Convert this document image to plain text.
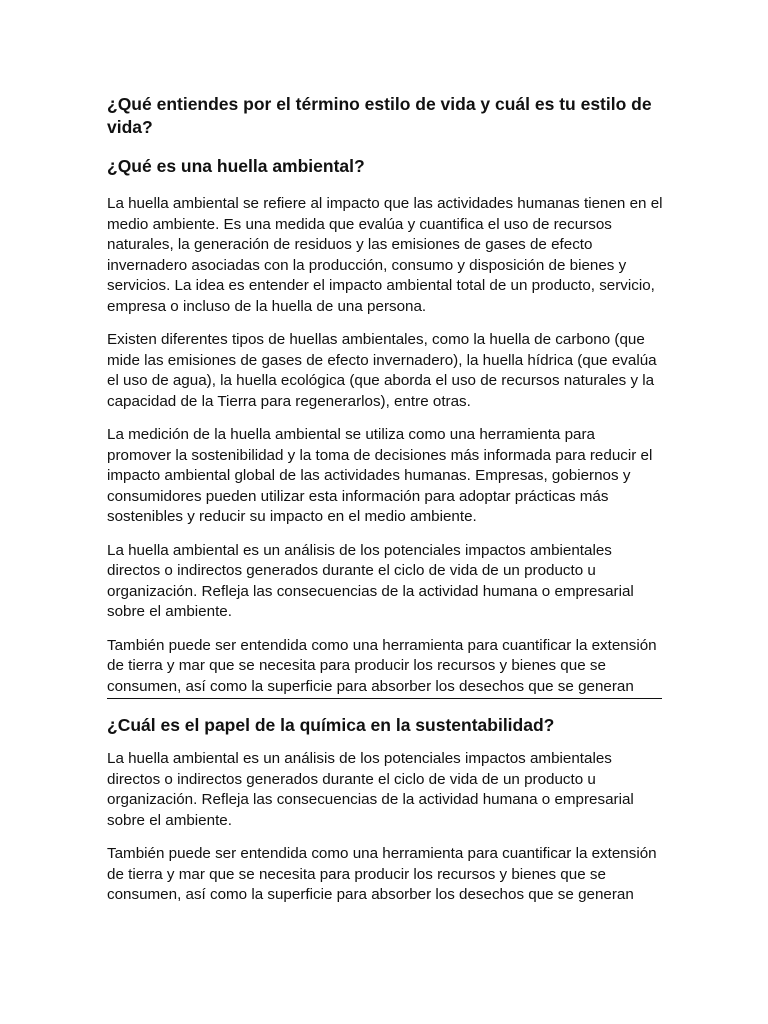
¿Qué entiendes por el término estilo de vida y cuál es tu estilo de vida?
¿Qué es una huella ambiental?

La huella ambiental se refiere al impacto que las actividades humanas tienen en el medio ambiente. Es una medida que evalúa y cuantifica el uso de recursos naturales, la generación de residuos y las emisiones de gases de efecto invernadero asociadas con la producción, consumo y disposición de bienes y servicios. La idea es entender el impacto ambiental total de un producto, servicio, empresa o incluso de la huella de una persona.

Existen diferentes tipos de huellas ambientales, como la huella de carbono (que mide las emisiones de gases de efecto invernadero), la huella hídrica (que evalúa el uso de agua), la huella ecológica (que aborda el uso de recursos naturales y la capacidad de la Tierra para regenerarlos), entre otras.

La medición de la huella ambiental se utiliza como una herramienta para promover la sostenibilidad y la toma de decisiones más informada para reducir el impacto ambiental global de las actividades humanas. Empresas, gobiernos y consumidores pueden utilizar esta información para adoptar prácticas más sostenibles y reducir su impacto en el medio ambiente.

La huella ambiental es un análisis de los potenciales impactos ambientales directos o indirectos generados durante el ciclo de vida de un producto u organización. Refleja las consecuencias de la actividad humana o empresarial sobre el ambiente.

También puede ser entendida como una herramienta para cuantificar la extensión de tierra y mar que se necesita para producir los recursos y bienes que se consumen, así como la superficie para absorber los desechos que se generan

¿Cuál es el papel de la química en la sustentabilidad?

La huella ambiental es un análisis de los potenciales impactos ambientales directos o indirectos generados durante el ciclo de vida de un producto u organización. Refleja las consecuencias de la actividad humana o empresarial sobre el ambiente.

También puede ser entendida como una herramienta para cuantificar la extensión de tierra y mar que se necesita para producir los recursos y bienes que se consumen, así como la superficie para absorber los desechos que se generan
